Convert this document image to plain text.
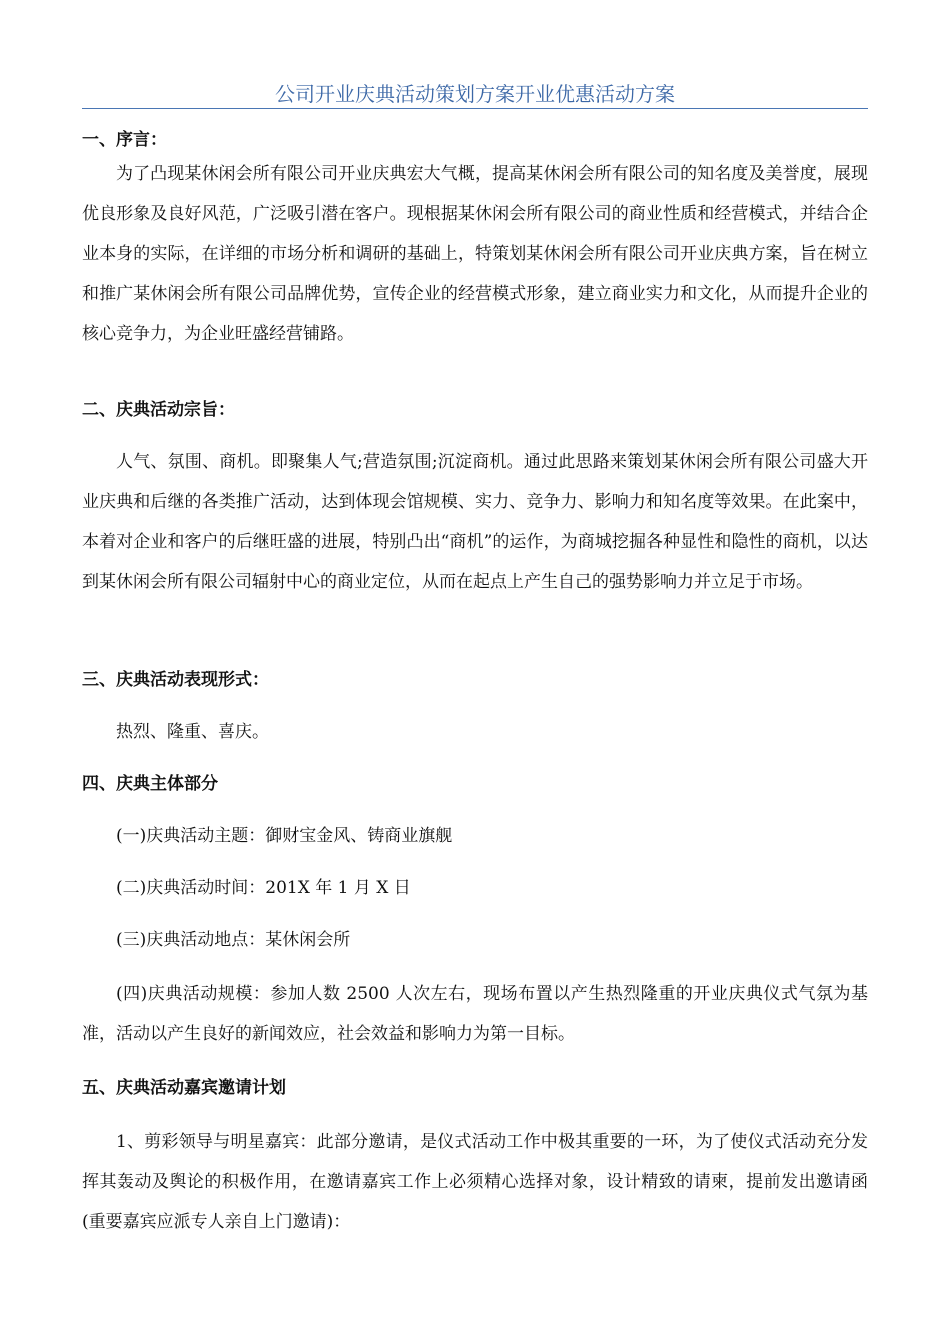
公司开业庆典活动策划方案开业优惠活动方案
一、序言：

为了凸现某休闲会所有限公司开业庆典宏大气概，提高某休闲会所有限公司的知名度及美誉度，展现优良形象及良好风范，广泛吸引潜在客户。现根据某休闲会所有限公司的商业性质和经营模式，并结合企业本身的实际，在详细的市场分析和调研的基础上，特策划某休闲会所有限公司开业庆典方案，旨在树立和推广某休闲会所有限公司品牌优势，宣传企业的经营模式形象，建立商业实力和文化，从而提升企业的核心竞争力，为企业旺盛经营铺路。

二、庆典活动宗旨：

人气、氛围、商机。即聚集人气;营造氛围;沉淀商机。通过此思路来策划某休闲会所有限公司盛大开业庆典和后继的各类推广活动，达到体现会馆规模、实力、竞争力、影响力和知名度等效果。在此案中，本着对企业和客户的后继旺盛的进展，特别凸出“商机”的运作，为商城挖掘各种显性和隐性的商机，以达到某休闲会所有限公司辐射中心的商业定位，从而在起点上产生自己的强势影响力并立足于市场。

三、庆典活动表现形式：
热烈、隆重、喜庆。
四、庆典主体部分
(一)庆典活动主题：御财宝金风、铸商业旗舰
(二)庆典活动时间：201X 年 1 月 X 日
(三)庆典活动地点：某休闲会所

(四)庆典活动规模：参加人数 2500 人次左右，现场布置以产生热烈隆重的开业庆典仪式气氛为基准，活动以产生良好的新闻效应，社会效益和影响力为第一目标。

五、庆典活动嘉宾邀请计划

1、剪彩领导与明星嘉宾：此部分邀请，是仪式活动工作中极其重要的一环，为了使仪式活动充分发挥其轰动及舆论的积极作用，在邀请嘉宾工作上必须精心选择对象，设计精致的请柬，提前发出邀请函(重要嘉宾应派专人亲自上门邀请)：
